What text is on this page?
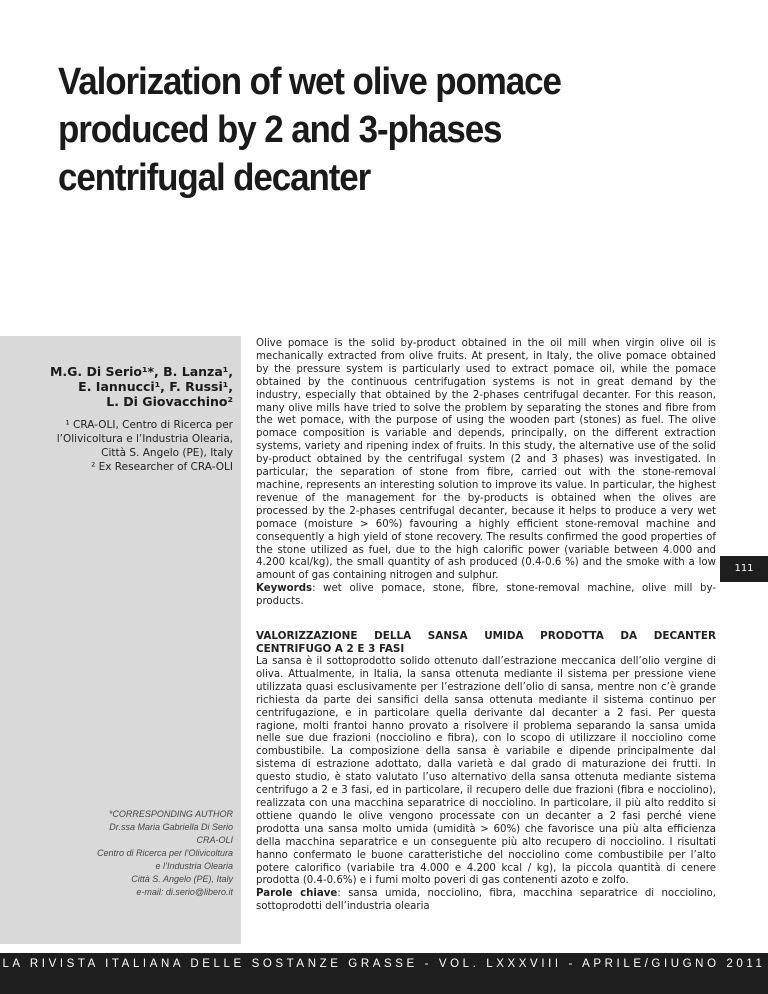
Valorization of wet olive pomace
produced by 2 and 3-phases
centrifugal decanter
M.G. Di Serio¹*, B. Lanza¹,
E. Iannucci¹, F. Russi¹,
L. Di Giovacchino²
¹ CRA-OLI, Centro di Ricerca per
l’Olivicoltura e l’Industria Olearia,
Città S. Angelo (PE), Italy
² Ex Researcher of CRA-OLI
*CORRESPONDING AUTHOR
Dr.ssa Maria Gabriella Di Serio
CRA-OLI
Centro di Ricerca per l’Olivicoltura
e l’Industria Olearia
Città S. Angelo (PE), Italy
e-mail: di.serio@libero.it

Olive pomace is the solid by-product obtained in the oil mill when virgin olive oil is mechanically extracted from olive fruits. At present, in Italy, the olive pomace obtained by the pressure system is particularly used to extract pomace oil, while the pomace obtained by the continuous centrifugation systems is not in great demand by the industry, especially that obtained by the 2-phases centrifugal decanter. For this reason, many olive mills have tried to solve the problem by separating the stones and fibre from the wet pomace, with the purpose of using the wooden part (stones) as fuel. The olive pomace composition is variable and depends, principally, on the different extraction systems, variety and ripening index of fruits. In this study, the alternative use of the solid by-product obtained by the centrifugal system (2 and 3 phases) was investigated. In particular, the separation of stone from fibre, carried out with the stone-removal machine, represents an interesting solution to improve its value. In particular, the highest revenue of the management for the by-products is obtained when the olives are processed by the 2-phases centrifugal decanter, because it helps to produce a very wet pomace (moisture > 60%) favouring a highly efficient stone-removal machine and consequently a high yield of stone recovery. The results confirmed the good properties of the stone utilized as fuel, due to the high calorific power (variable between 4.000 and 4.200 kcal/kg), the small quantity of ash produced (0.4-0.6 %) and the smoke with a low amount of gas containing nitrogen and sulphur.

Keywords: wet olive pomace, stone, fibre, stone-removal machine, olive mill by-products.

111

VALORIZZAZIONE DELLA SANSA UMIDA PRODOTTA DA DECANTER CENTRIFUGO A 2 E 3 FASI

La sansa è il sottoprodotto solido ottenuto dall’estrazione meccanica dell’olio vergine di oliva. Attualmente, in Italia, la sansa ottenuta mediante il sistema per pressione viene utilizzata quasi esclusivamente per l’estrazione dell’olio di sansa, mentre non c’è grande richiesta da parte dei sansifici della sansa ottenuta mediante il sistema continuo per centrifugazione, e in particolare quella derivante dal decanter a 2 fasi. Per questa ragione, molti frantoi hanno provato a risolvere il problema separando la sansa umida nelle sue due frazioni (nocciolino e fibra), con lo scopo di utilizzare il nocciolino come combustibile. La composizione della sansa è variabile e dipende principalmente dal sistema di estrazione adottato, dalla varietà e dal grado di maturazione dei frutti. In questo studio, è stato valutato l’uso alternativo della sansa ottenuta mediante sistema centrifugo a 2 e 3 fasi, ed in particolare, il recupero delle due frazioni (fibra e nocciolino), realizzata con una macchina separatrice di nocciolino. In particolare, il più alto reddito si ottiene quando le olive vengono processate con un decanter a 2 fasi perché viene prodotta una sansa molto umida (umidità > 60%) che favorisce una più alta efficienza della macchina separatrice e un conseguente più alto recupero di nocciolino. I risultati hanno confermato le buone caratteristiche del nocciolino come combustibile per l’alto potere calorifico (variabile tra 4.000 e 4.200 kcal / kg), la piccola quantità di cenere prodotta (0.4-0.6%) e i fumi molto poveri di gas contenenti azoto e zolfo.

Parole chiave: sansa umida, nocciolino, fibra, macchina separatrice di nocciolino, sottoprodotti dell’industria olearia

LA RIVISTA ITALIANA DELLE SOSTANZE GRASSE - VOL. LXXXVIII - APRILE/GIUGNO 2011
